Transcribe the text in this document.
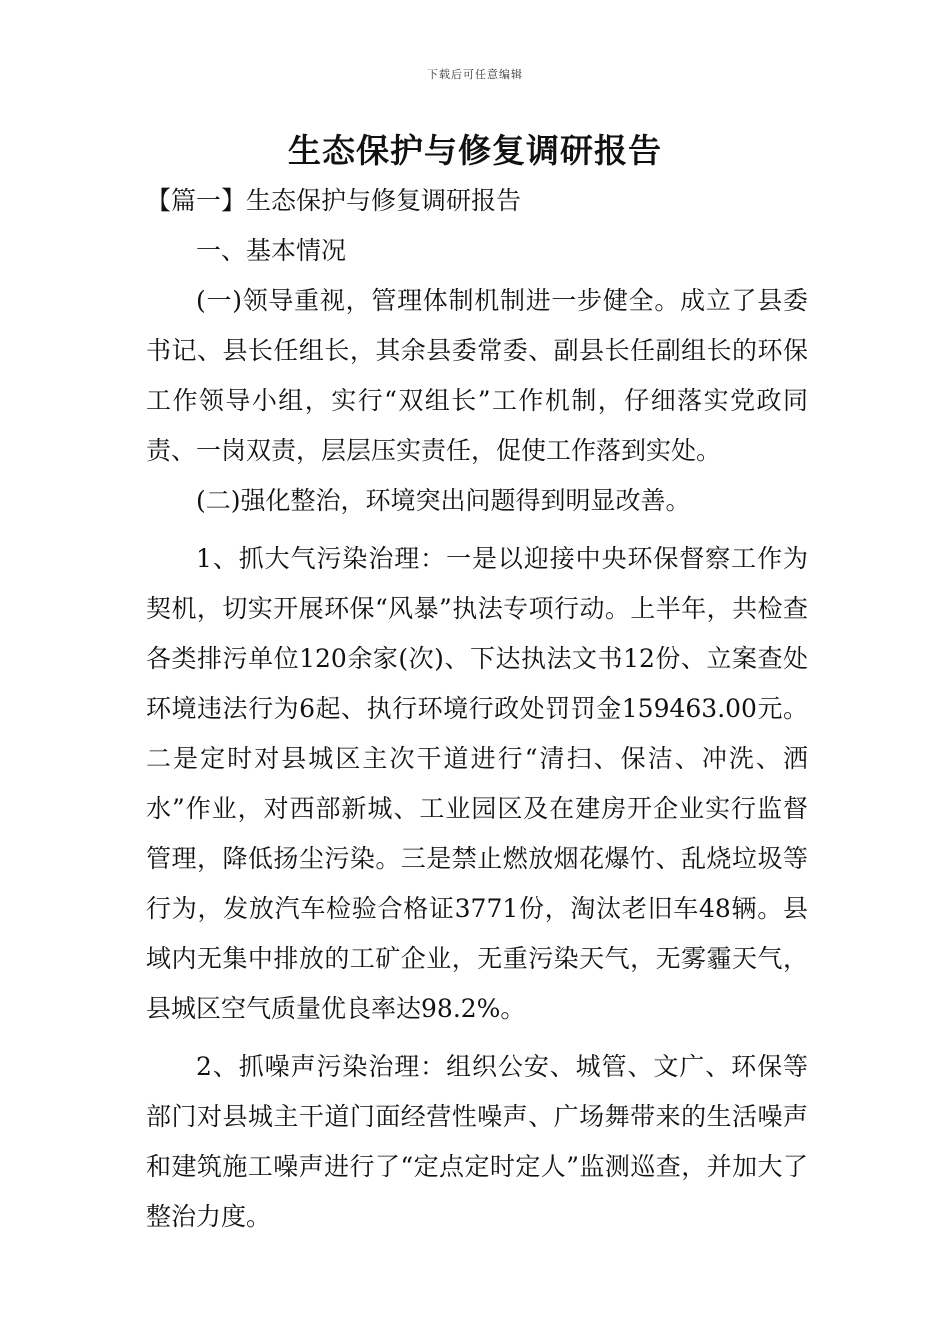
下载后可任意编辑
生态保护与修复调研报告

【篇一】生态保护与修复调研报告

一、基本情况

(一)领导重视，管理体制机制进一步健全。成立了县委书记、县长任组长，其余县委常委、副县长任副组长的环保工作领导小组，实行“双组长”工作机制，仔细落实党政同责、一岗双责，层层压实责任，促使工作落到实处。

(二)强化整治，环境突出问题得到明显改善。

1、抓大气污染治理：一是以迎接中央环保督察工作为契机，切实开展环保“风暴”执法专项行动。上半年，共检查各类排污单位120余家(次)、下达执法文书12份、立案查处环境违法行为6起、执行环境行政处罚罚金159463.00元。二是定时对县城区主次干道进行“清扫、保洁、冲洗、洒水”作业，对西部新城、工业园区及在建房开企业实行监督管理，降低扬尘污染。三是禁止燃放烟花爆竹、乱烧垃圾等行为，发放汽车检验合格证3771份，淘汰老旧车48辆。县域内无集中排放的工矿企业，无重污染天气，无雾霾天气，县城区空气质量优良率达98.2%。

2、抓噪声污染治理：组织公安、城管、文广、环保等部门对县城主干道门面经营性噪声、广场舞带来的生活噪声和建筑施工噪声进行了“定点定时定人”监测巡查，并加大了整治力度。
